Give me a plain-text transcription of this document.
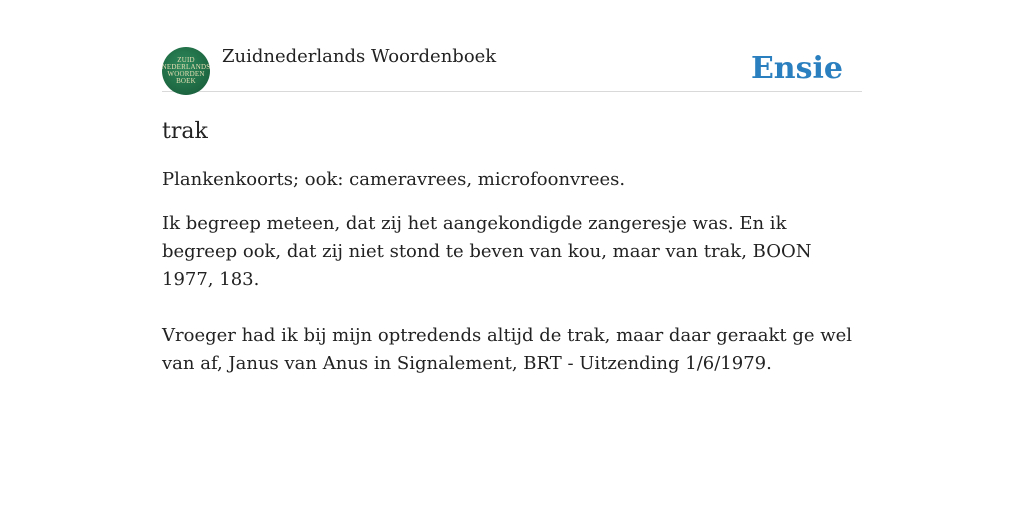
ZUID
NEDERLANDS
WOORDEN
BOEK
Zuidnederlands Woordenboek	Ensie
trak
Plankenkoorts; ook: cameravrees, microfoonvrees.
Ik begreep meteen, dat zij het aangekondigde zangeresje was. En ik begreep ook, dat zij niet stond te beven van kou, maar van trak, BOON 1977, 183.
Vroeger had ik bij mijn optredends altijd de trak, maar daar geraakt ge wel van af, Janus van Anus in Signalement, BRT - Uitzending 1/6/1979.
